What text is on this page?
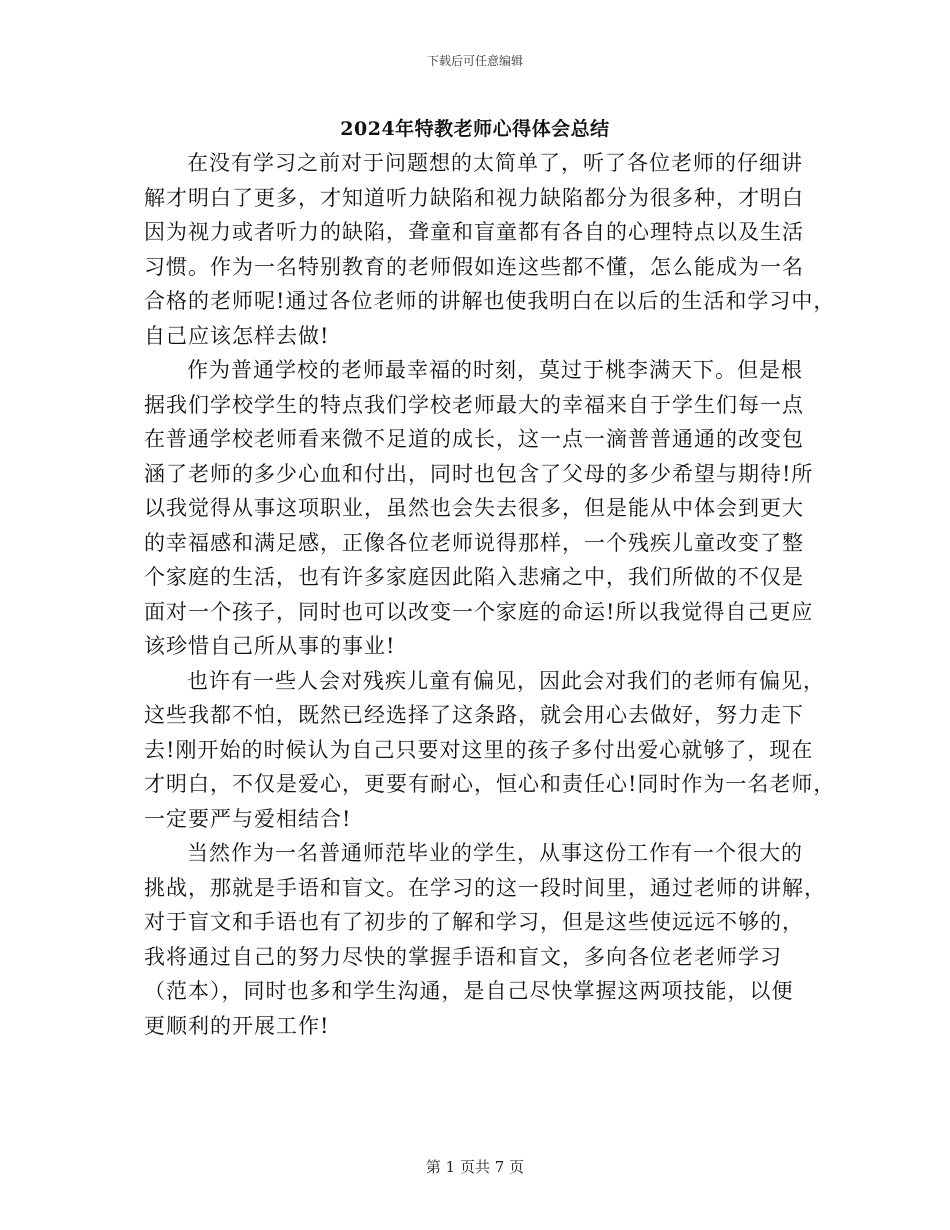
下载后可任意编辑
2024年特教老师心得体会总结
在没有学习之前对于问题想的太简单了，听了各位老师的仔细讲
解才明白了更多，才知道听力缺陷和视力缺陷都分为很多种，才明白
因为视力或者听力的缺陷，聋童和盲童都有各自的心理特点以及生活
习惯。作为一名特别教育的老师假如连这些都不懂，怎么能成为一名
合格的老师呢!通过各位老师的讲解也使我明白在以后的生活和学习中，
自己应该怎样去做!
作为普通学校的老师最幸福的时刻，莫过于桃李满天下。但是根
据我们学校学生的特点我们学校老师最大的幸福来自于学生们每一点
在普通学校老师看来微不足道的成长，这一点一滴普普通通的改变包
涵了老师的多少心血和付出，同时也包含了父母的多少希望与期待!所
以我觉得从事这项职业，虽然也会失去很多，但是能从中体会到更大
的幸福感和满足感，正像各位老师说得那样，一个残疾儿童改变了整
个家庭的生活，也有许多家庭因此陷入悲痛之中，我们所做的不仅是
面对一个孩子，同时也可以改变一个家庭的命运!所以我觉得自己更应
该珍惜自己所从事的事业!
也许有一些人会对残疾儿童有偏见，因此会对我们的老师有偏见，
这些我都不怕，既然已经选择了这条路，就会用心去做好，努力走下
去!刚开始的时候认为自己只要对这里的孩子多付出爱心就够了，现在
才明白，不仅是爱心，更要有耐心，恒心和责任心!同时作为一名老师，
一定要严与爱相结合!
当然作为一名普通师范毕业的学生，从事这份工作有一个很大的
挑战，那就是手语和盲文。在学习的这一段时间里，通过老师的讲解，
对于盲文和手语也有了初步的了解和学习，但是这些使远远不够的，
我将通过自己的努力尽快的掌握手语和盲文，多向各位老老师学习
（范本），同时也多和学生沟通，是自己尽快掌握这两项技能，以便
更顺利的开展工作!
第 1 页共 7 页
